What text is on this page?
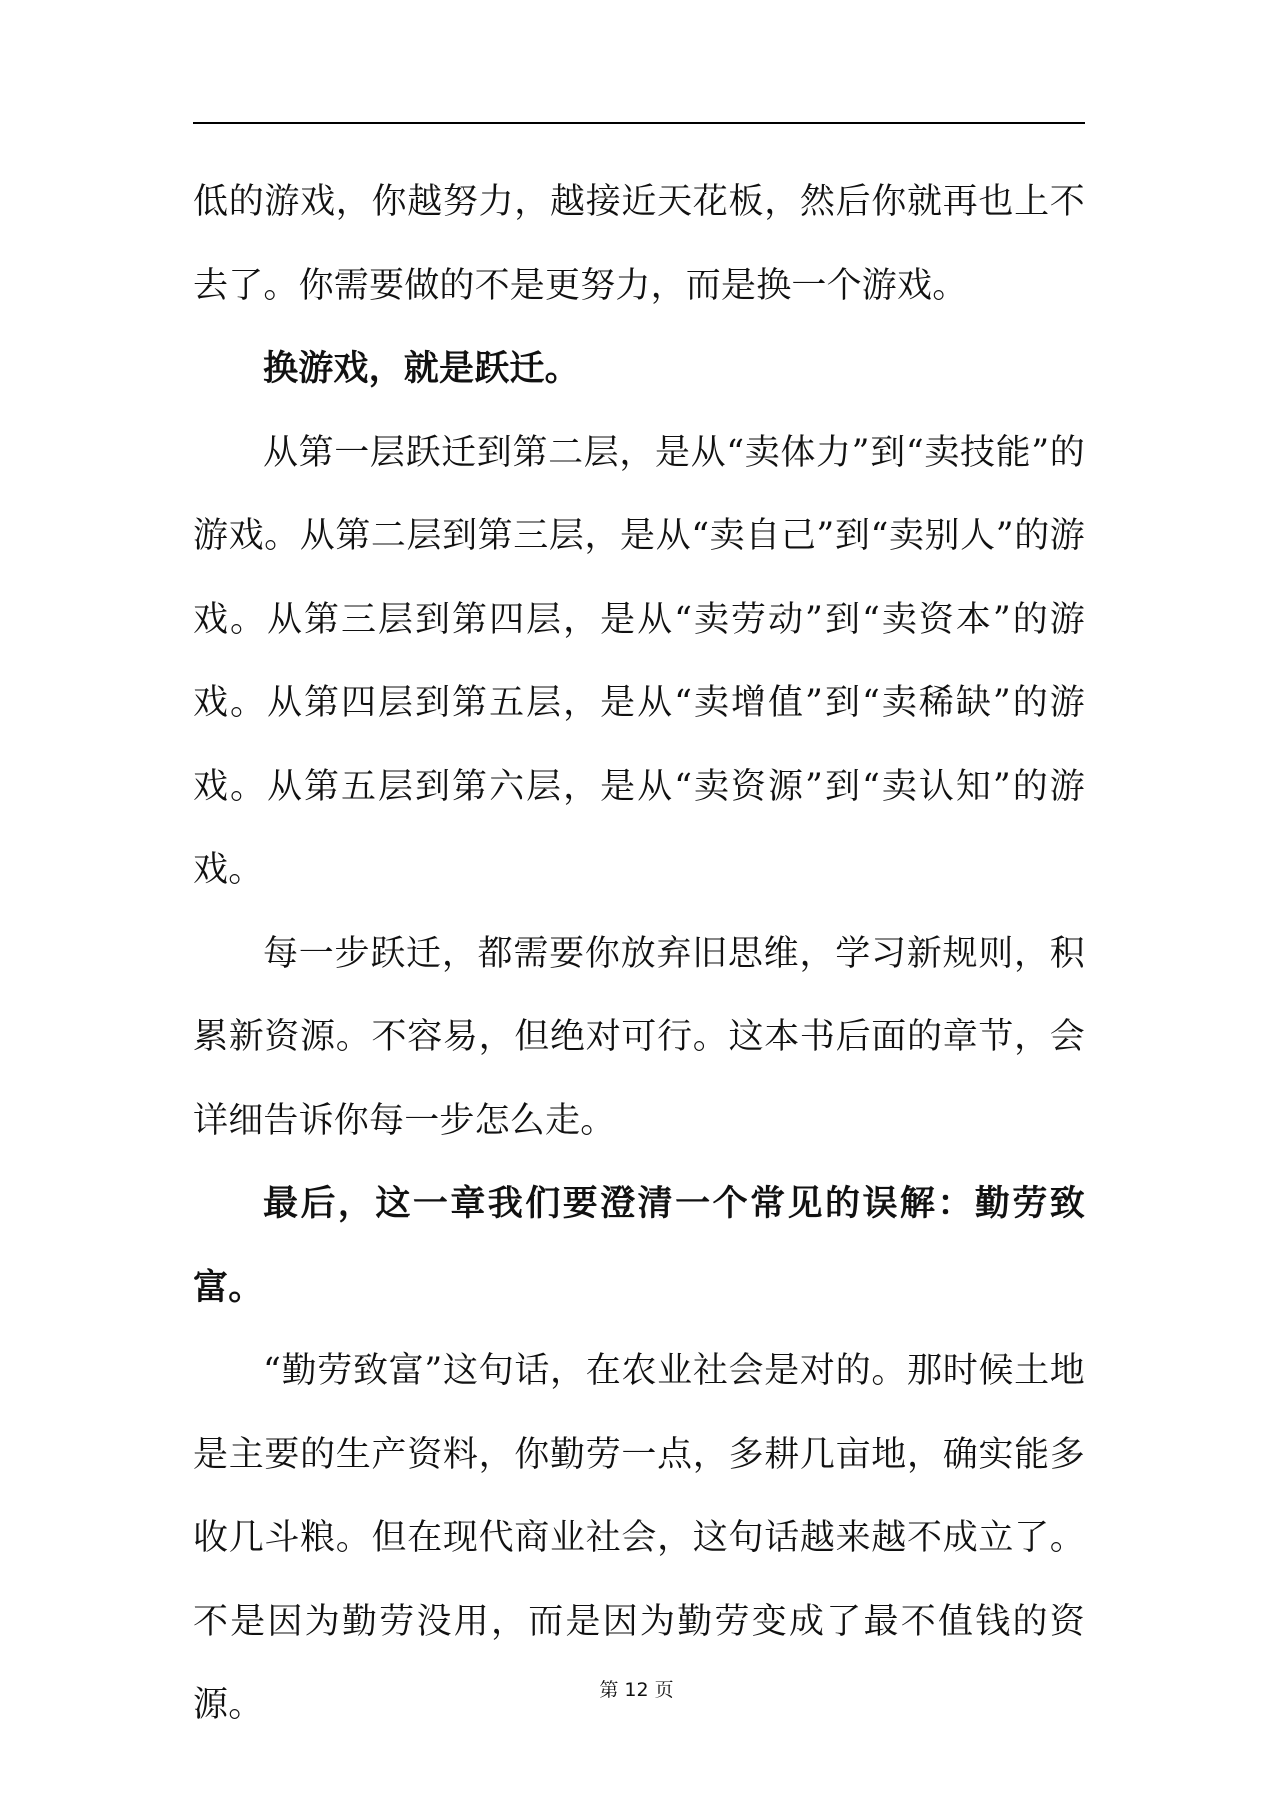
低的游戏，你越努力，越接近天花板，然后你就再也上不去了。你需要做的不是更努力，而是换一个游戏。

换游戏，就是跃迁。

从第一层跃迁到第二层，是从“卖体力”到“卖技能”的游戏。从第二层到第三层，是从“卖自己”到“卖别人”的游戏。从第三层到第四层，是从“卖劳动”到“卖资本”的游戏。从第四层到第五层，是从“卖增值”到“卖稀缺”的游戏。从第五层到第六层，是从“卖资源”到“卖认知”的游戏。

每一步跃迁，都需要你放弃旧思维，学习新规则，积累新资源。不容易，但绝对可行。这本书后面的章节，会详细告诉你每一步怎么走。

最后，这一章我们要澄清一个常见的误解：勤劳致富。

“勤劳致富”这句话，在农业社会是对的。那时候土地是主要的生产资料，你勤劳一点，多耕几亩地，确实能多收几斗粮。但在现代商业社会，这句话越来越不成立了。不是因为勤劳没用，而是因为勤劳变成了最不值钱的资源。	第 12 页
